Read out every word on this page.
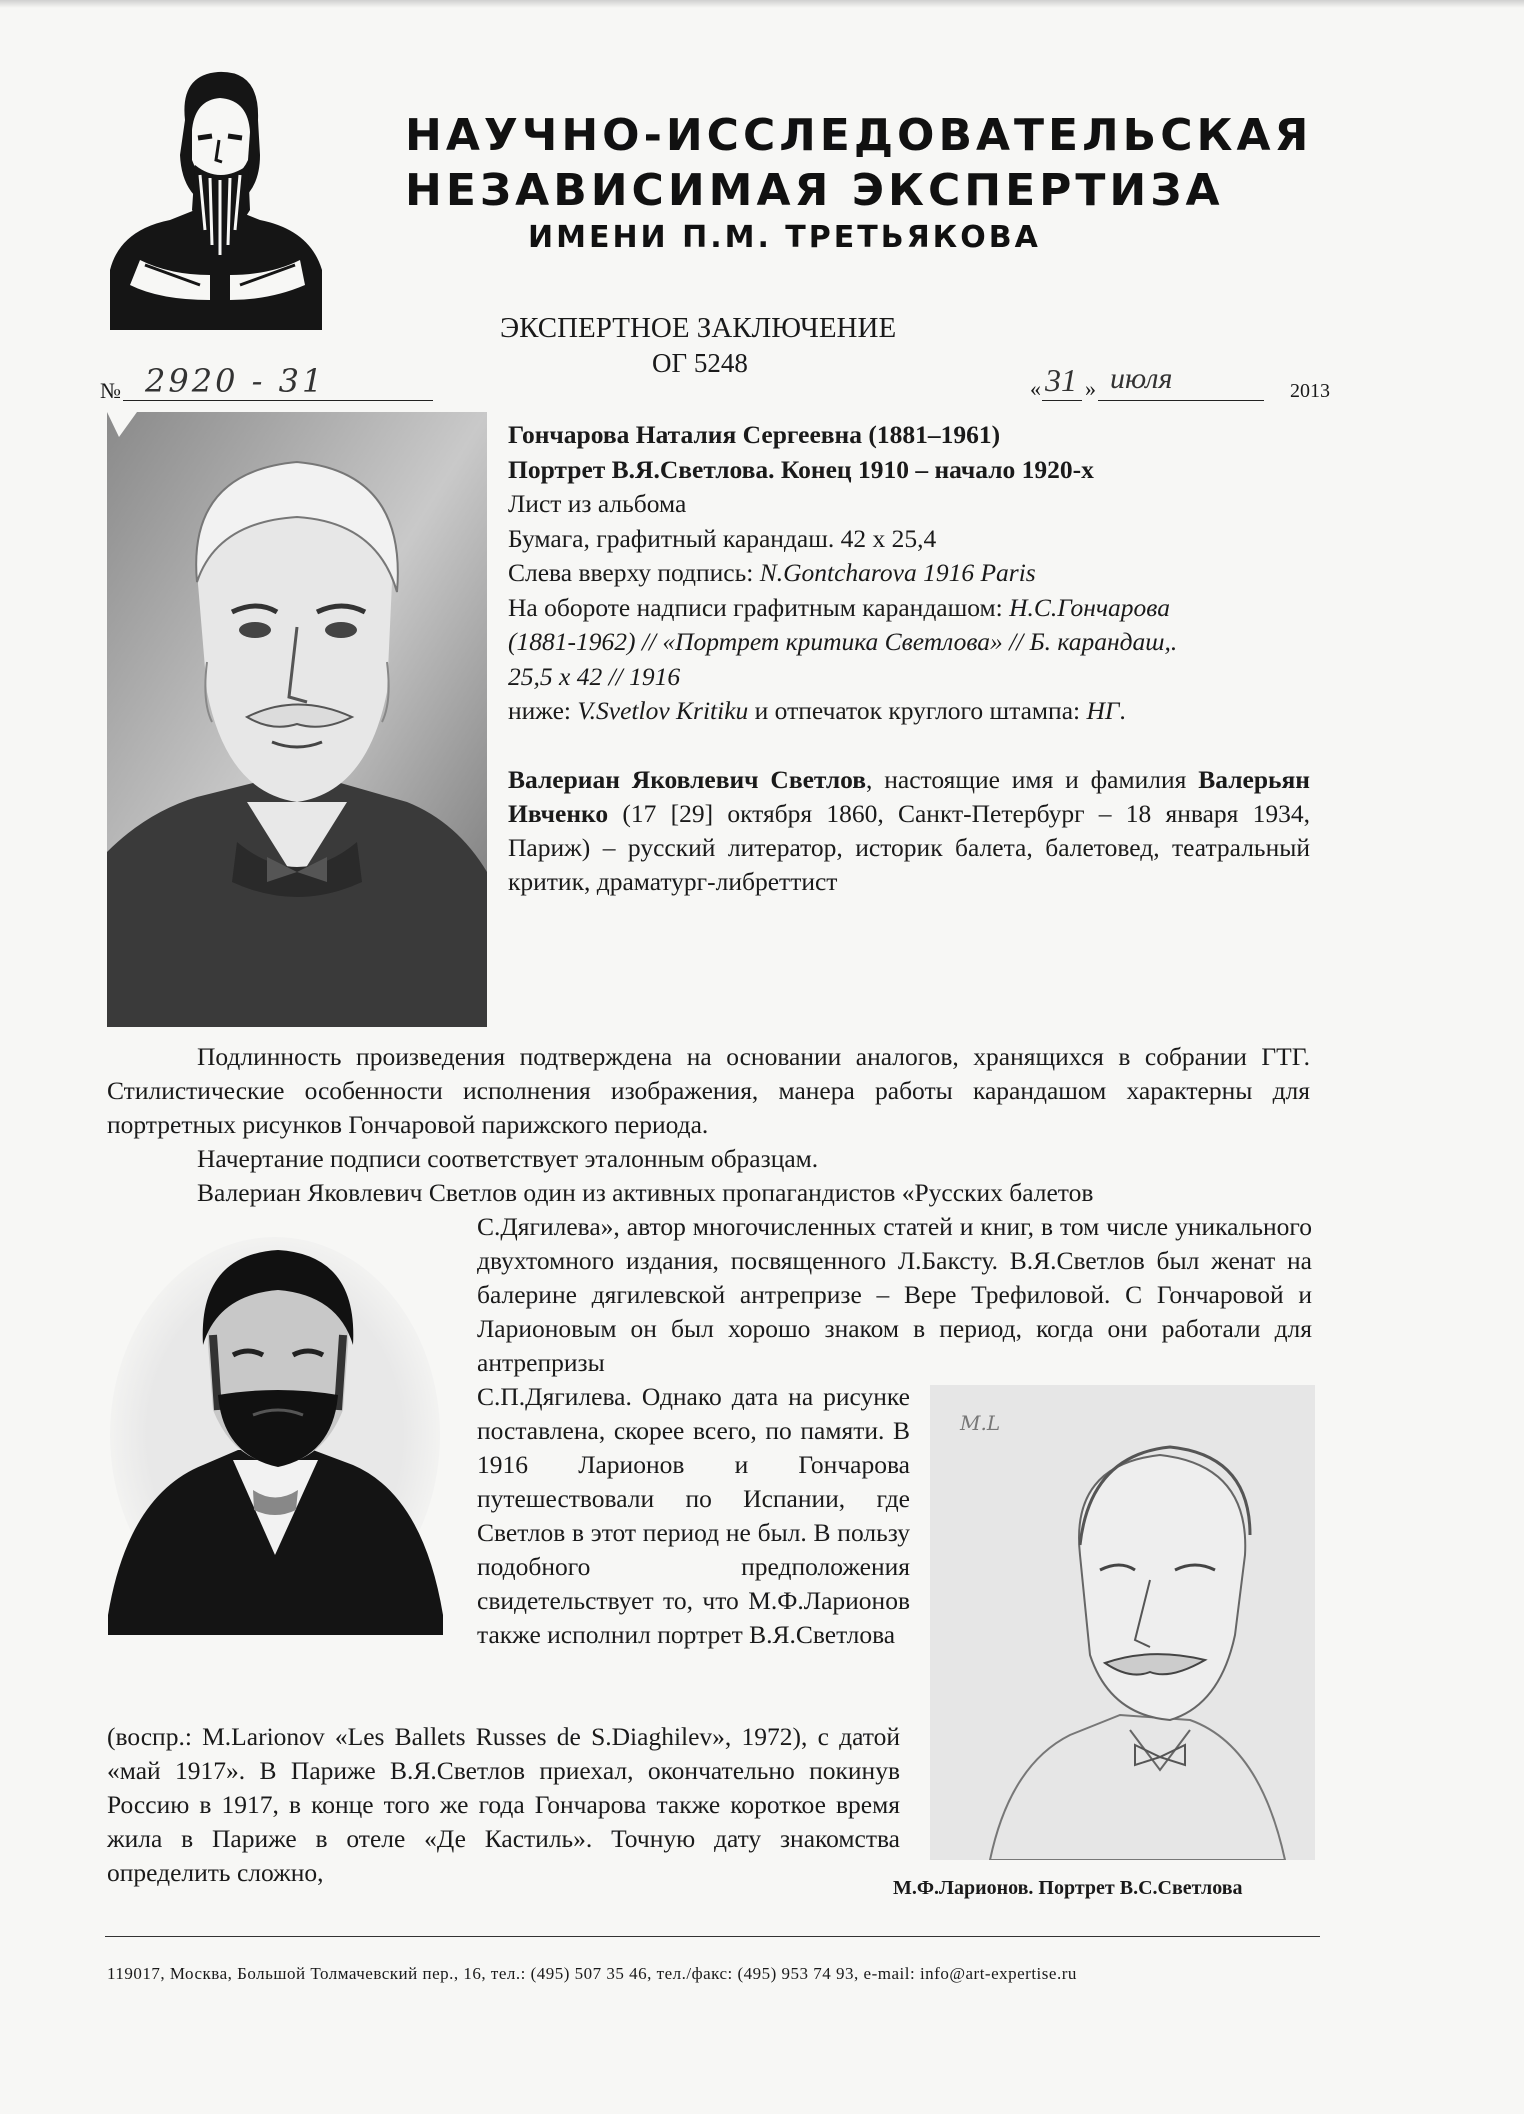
НАУЧНО-ИССЛЕДОВАТЕЛЬСКАЯ
НЕЗАВИСИМАЯ ЭКСПЕРТИЗА
ИМЕНИ П.М. ТРЕТЬЯКОВА
ЭКСПЕРТНОЕ ЗАКЛЮЧЕНИЕ
ОГ 5248
№ 2920 - 31	« 31 » июля	2013
Гончарова Наталия Сергеевна (1881–1961)
Портрет В.Я.Светлова. Конец 1910 – начало 1920-х
Лист из альбома
Бумага, графитный карандаш. 42 х 25,4
Слева вверху подпись: N.Gontcharova 1916 Paris
На обороте надписи графитным карандашом: Н.С.Гончарова
(1881-1962) // «Портрет критика Светлова» // Б. карандаш,.
25,5 х 42 // 1916
ниже: V.Svetlov Kritiku и отпечаток круглого штампа: НГ.
Валериан Яковлевич Светлов, настоящие имя и фамилия Валерьян Ивченко (17 [29] октября 1860, Санкт-Петербург – 18 января 1934, Париж) – русский литератор, историк балета, балетовед, театральный критик, драматург-либреттист
Подлинность произведения подтверждена на основании аналогов, хранящихся в собрании ГТГ. Стилистические особенности исполнения изображения, манера работы карандашом характерны для портретных рисунков Гончаровой парижского периода.
Начертание подписи соответствует эталонным образцам.
Валериан Яковлевич Светлов один из активных пропагандистов «Русских балетов
С.Дягилева», автор многочисленных статей и книг, в том числе уникального двухтомного издания, посвященного Л.Баксту. В.Я.Светлов был женат на балерине дягилевской антрепризе – Вере Трефиловой. С Гончаровой и Ларионовым он был хорошо знаком в период, когда они работали для антрепризы
С.П.Дягилева. Однако дата на рисунке поставлена, скорее всего, по памяти. В 1916 Ларионов и Гончарова путешествовали по Испании, где Светлов в этот период не был. В пользу подобного предположения свидетельствует то, что М.Ф.Ларионов также исполнил портрет В.Я.Светлова
(воспр.: M.Larionov «Les Ballets Russes de S.Diaghilev», 1972), с датой «май 1917». В Париже В.Я.Светлов приехал, окончательно покинув Россию в 1917, в конце того же года Гончарова также короткое время жила в Париже в отеле «Де Кастиль». Точную дату знакомства определить сложно,
M.L
М.Ф.Ларионов. Портрет В.С.Светлова
119017, Москва, Большой Толмачевский пер., 16, тел.: (495) 507 35 46, тел./факс: (495) 953 74 93, e-mail: info@art-expertise.ru
